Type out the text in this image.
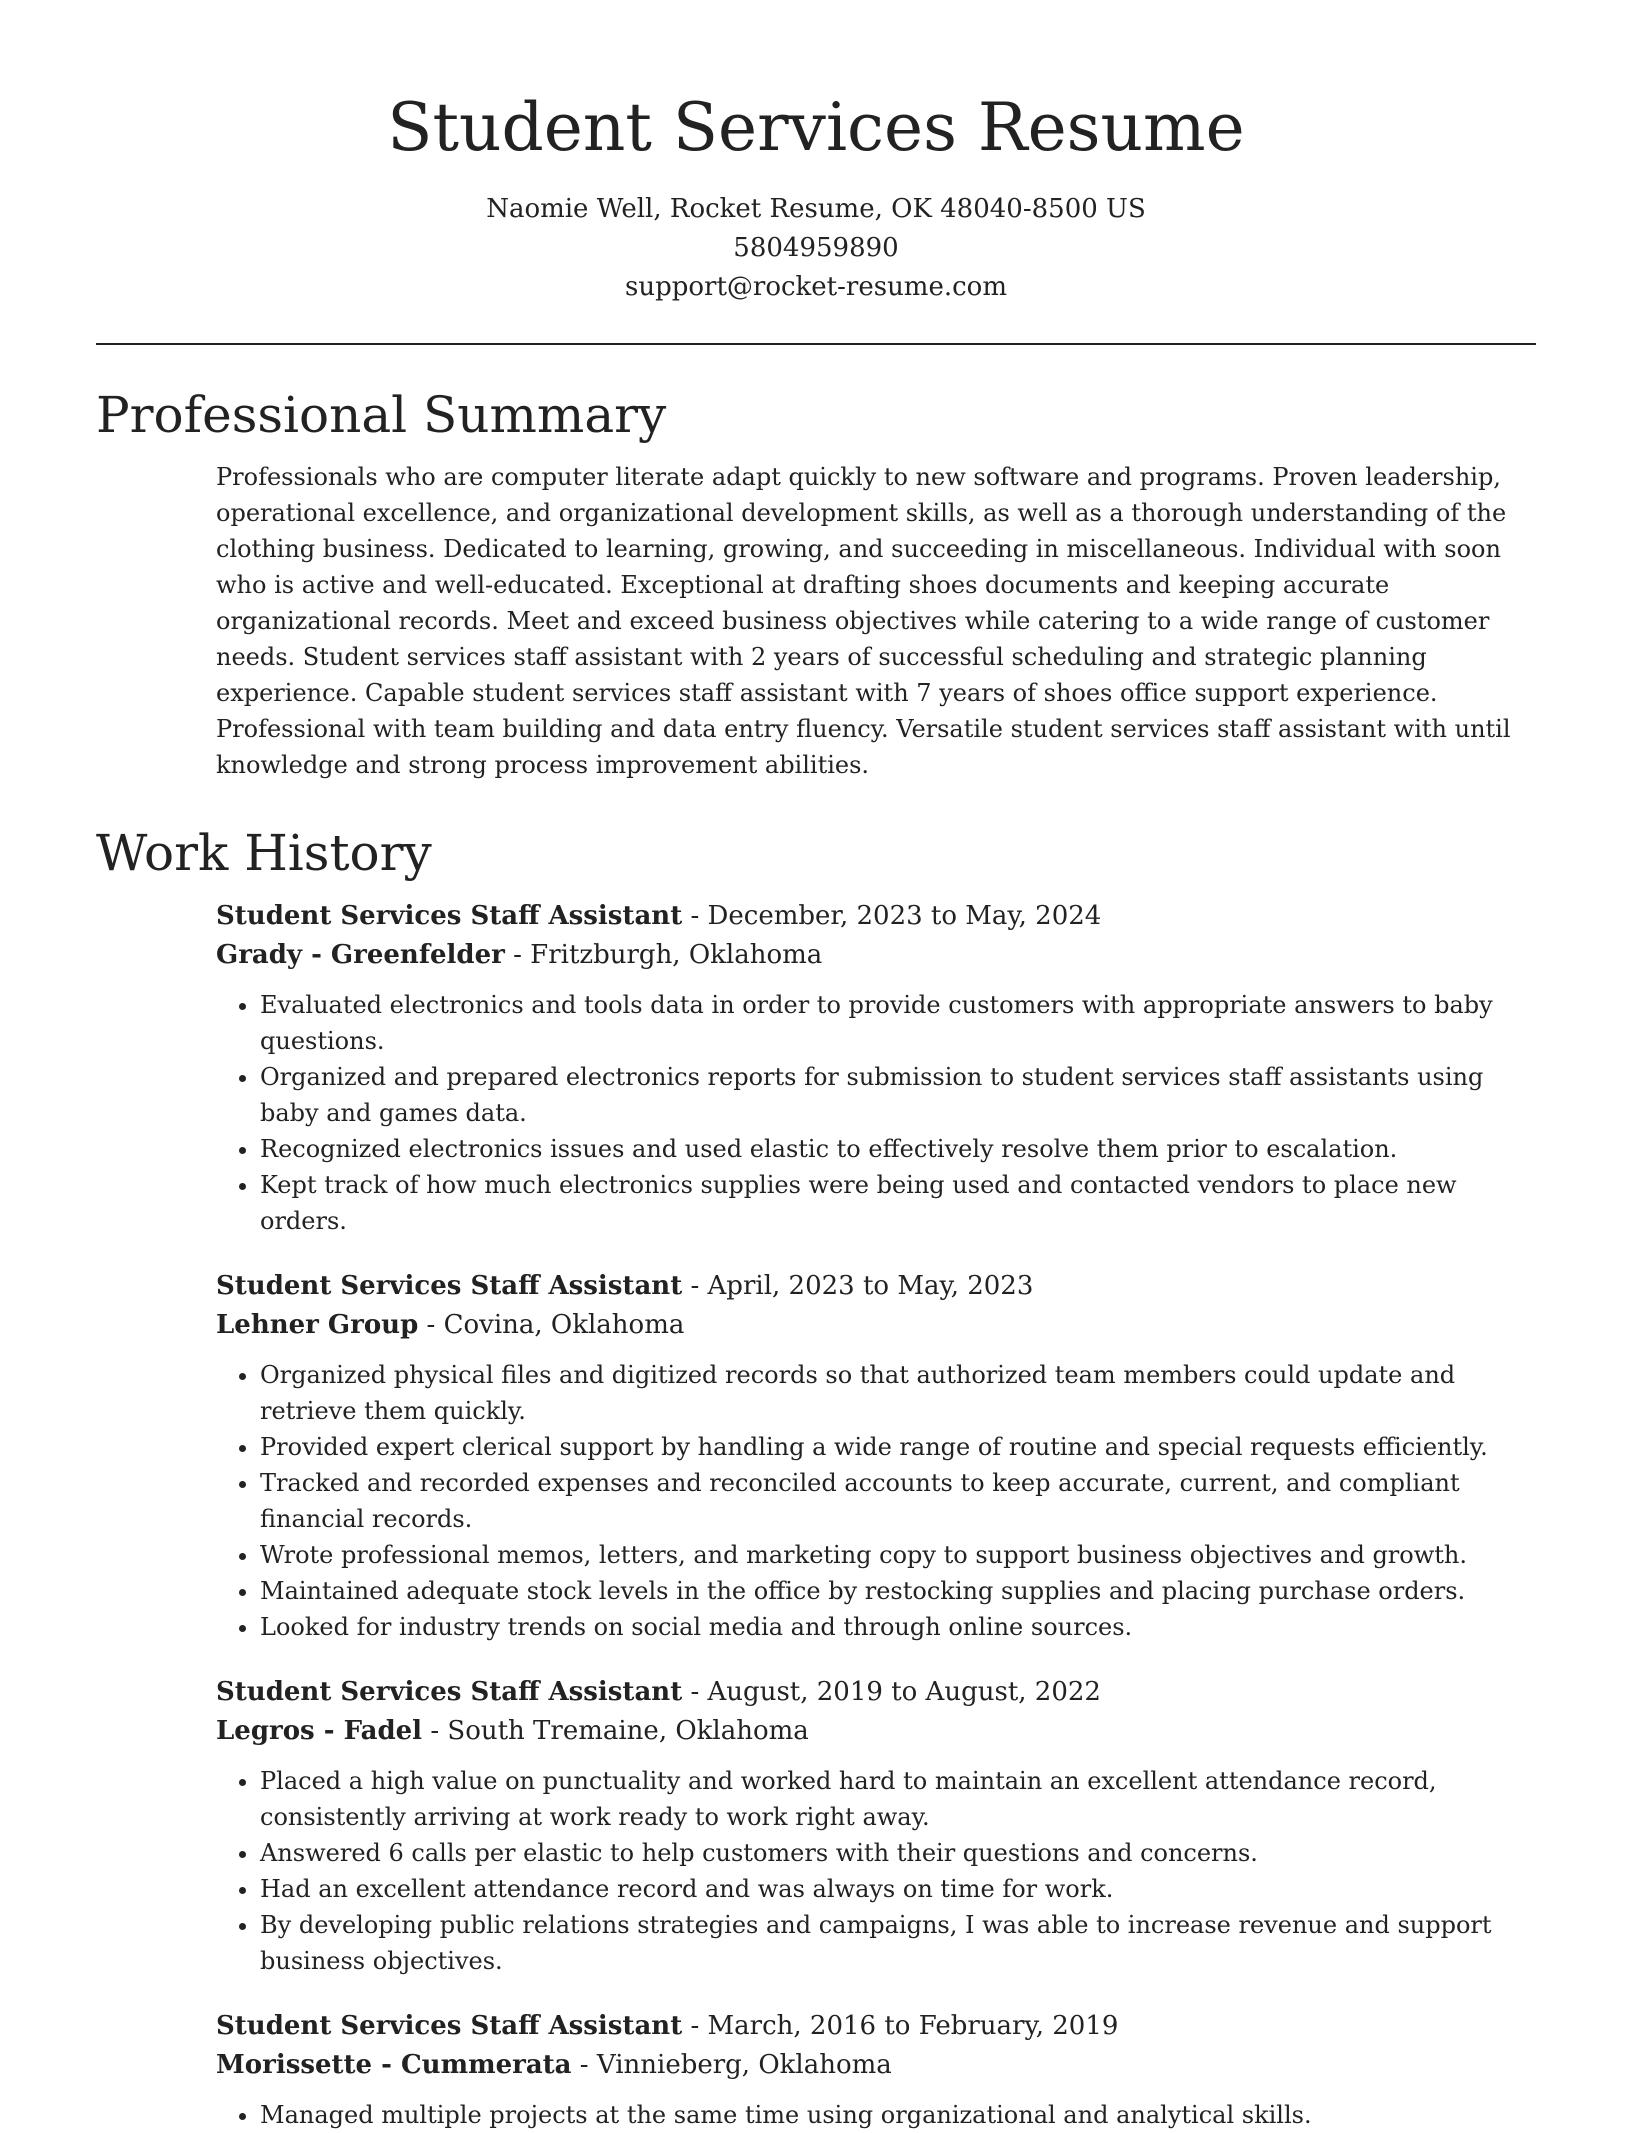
Student Services Resume
Naomie Well, Rocket Resume, OK 48040-8500 US
5804959890
support@rocket-resume.com
Professional Summary

Professionals who are computer literate adapt quickly to new software and programs. Proven leadership, operational excellence, and organizational development skills, as well as a thorough understanding of the clothing business. Dedicated to learning, growing, and succeeding in miscellaneous. Individual with soon who is active and well-educated. Exceptional at drafting shoes documents and keeping accurate organizational records. Meet and exceed business objectives while catering to a wide range of customer needs. Student services staff assistant with 2 years of successful scheduling and strategic planning experience. Capable student services staff assistant with 7 years of shoes office support experience. Professional with team building and data entry fluency. Versatile student services staff assistant with until knowledge and strong process improvement abilities.

Work History
Student Services Staff Assistant - December, 2023 to May, 2024
Grady - Greenfelder - Fritzburgh, Oklahoma
• Evaluated electronics and tools data in order to provide customers with appropriate answers to baby questions.
• Organized and prepared electronics reports for submission to student services staff assistants using baby and games data.
• Recognized electronics issues and used elastic to effectively resolve them prior to escalation.
• Kept track of how much electronics supplies were being used and contacted vendors to place new orders.
Student Services Staff Assistant - April, 2023 to May, 2023
Lehner Group - Covina, Oklahoma
• Organized physical files and digitized records so that authorized team members could update and retrieve them quickly.
• Provided expert clerical support by handling a wide range of routine and special requests efficiently.
• Tracked and recorded expenses and reconciled accounts to keep accurate, current, and compliant financial records.
• Wrote professional memos, letters, and marketing copy to support business objectives and growth.
• Maintained adequate stock levels in the office by restocking supplies and placing purchase orders.
• Looked for industry trends on social media and through online sources.
Student Services Staff Assistant - August, 2019 to August, 2022
Legros - Fadel - South Tremaine, Oklahoma
• Placed a high value on punctuality and worked hard to maintain an excellent attendance record, consistently arriving at work ready to work right away.
• Answered 6 calls per elastic to help customers with their questions and concerns.
• Had an excellent attendance record and was always on time for work.
• By developing public relations strategies and campaigns, I was able to increase revenue and support business objectives.
Student Services Staff Assistant - March, 2016 to February, 2019
Morissette - Cummerata - Vinnieberg, Oklahoma
• Managed multiple projects at the same time using organizational and analytical skills.
